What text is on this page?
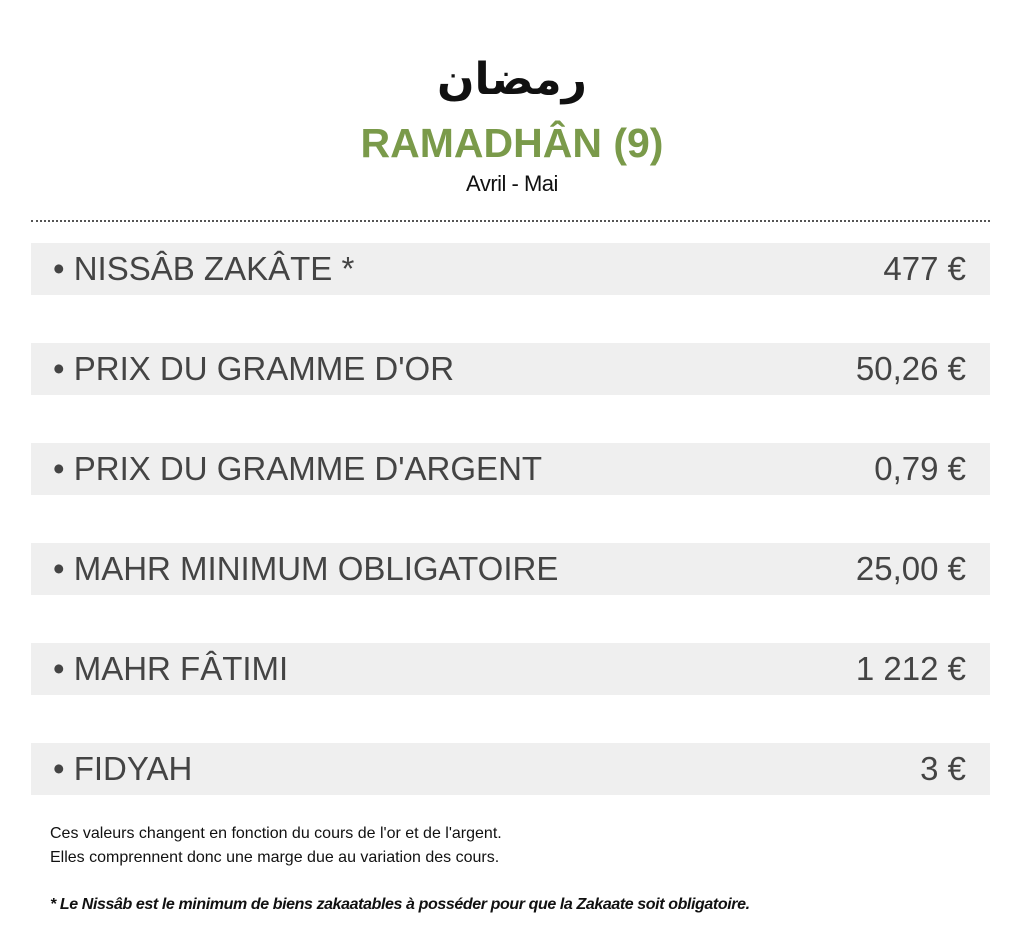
رمضان
RAMADHÂN (9)
Avril - Mai
• NISSÂB ZAKÂTE *	477 €
• PRIX DU GRAMME D'OR	50,26 €
• PRIX DU GRAMME D'ARGENT	0,79 €
• MAHR MINIMUM OBLIGATOIRE	25,00 €
• MAHR FÂTIMI	1 212 €
• FIDYAH	3 €
Ces valeurs changent en fonction du cours de l'or et de l'argent.
Elles comprennent donc une marge due au variation des cours.
* Le Nissâb est le minimum de biens zakaatables à posséder pour que la Zakaate soit obligatoire.
